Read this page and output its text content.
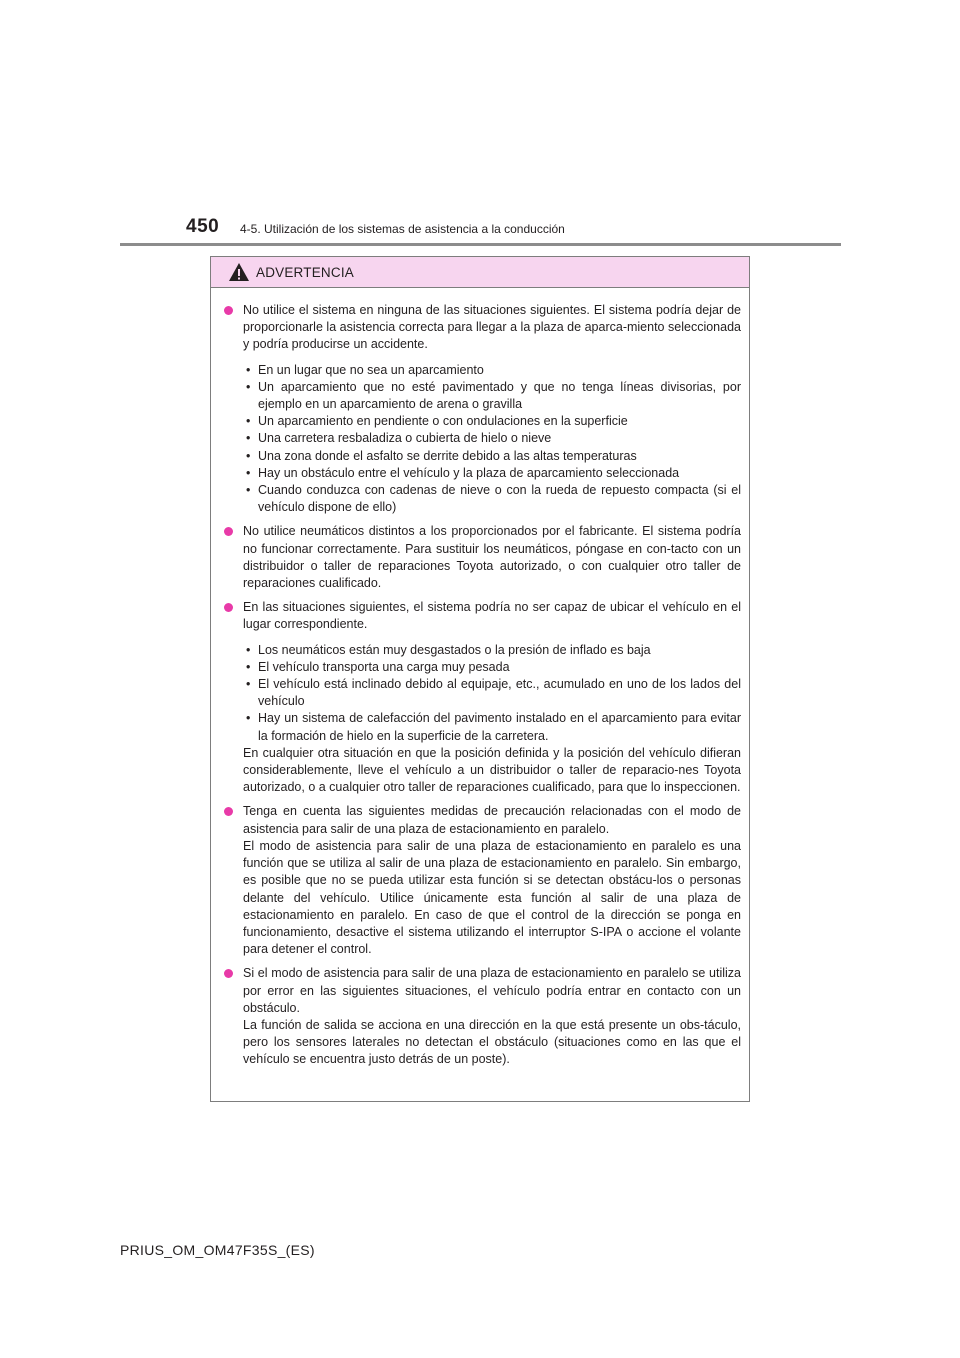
450 4-5. Utilización de los sistemas de asistencia a la conducción
ADVERTENCIA

No utilice el sistema en ninguna de las situaciones siguientes. El sistema podría dejar de proporcionarle la asistencia correcta para llegar a la plaza de aparca-miento seleccionada y podría producirse un accidente.

• En un lugar que no sea un aparcamiento
• Un aparcamiento que no esté pavimentado y que no tenga líneas divisorias, por ejemplo en un aparcamiento de arena o gravilla
• Un aparcamiento en pendiente o con ondulaciones en la superficie
• Una carretera resbaladiza o cubierta de hielo o nieve
• Una zona donde el asfalto se derrite debido a las altas temperaturas
• Hay un obstáculo entre el vehículo y la plaza de aparcamiento seleccionada
• Cuando conduzca con cadenas de nieve o con la rueda de repuesto compacta (si el vehículo dispone de ello)

No utilice neumáticos distintos a los proporcionados por el fabricante. El sistema podría no funcionar correctamente. Para sustituir los neumáticos, póngase en con-tacto con un distribuidor o taller de reparaciones Toyota autorizado, o con cualquier otro taller de reparaciones cualificado.

En las situaciones siguientes, el sistema podría no ser capaz de ubicar el vehículo en el lugar correspondiente.

• Los neumáticos están muy desgastados o la presión de inflado es baja
• El vehículo transporta una carga muy pesada
• El vehículo está inclinado debido al equipaje, etc., acumulado en uno de los lados del vehículo
• Hay un sistema de calefacción del pavimento instalado en el aparcamiento para evitar la formación de hielo en la superficie de la carretera.

En cualquier otra situación en que la posición definida y la posición del vehículo difieran considerablemente, lleve el vehículo a un distribuidor o taller de reparacio-nes Toyota autorizado, o a cualquier otro taller de reparaciones cualificado, para que lo inspeccionen.

Tenga en cuenta las siguientes medidas de precaución relacionadas con el modo de asistencia para salir de una plaza de estacionamiento en paralelo.

El modo de asistencia para salir de una plaza de estacionamiento en paralelo es una función que se utiliza al salir de una plaza de estacionamiento en paralelo. Sin embargo, es posible que no se pueda utilizar esta función si se detectan obstácu-los o personas delante del vehículo. Utilice únicamente esta función al salir de una plaza de estacionamiento en paralelo. En caso de que el control de la dirección se ponga en funcionamiento, desactive el sistema utilizando el interruptor S-IPA o accione el volante para detener el control.

Si el modo de asistencia para salir de una plaza de estacionamiento en paralelo se utiliza por error en las siguientes situaciones, el vehículo podría entrar en contacto con un obstáculo.

La función de salida se acciona en una dirección en la que está presente un obs-táculo, pero los sensores laterales no detectan el obstáculo (situaciones como en las que el vehículo se encuentra justo detrás de un poste).

PRIUS_OM_OM47F35S_(ES)
